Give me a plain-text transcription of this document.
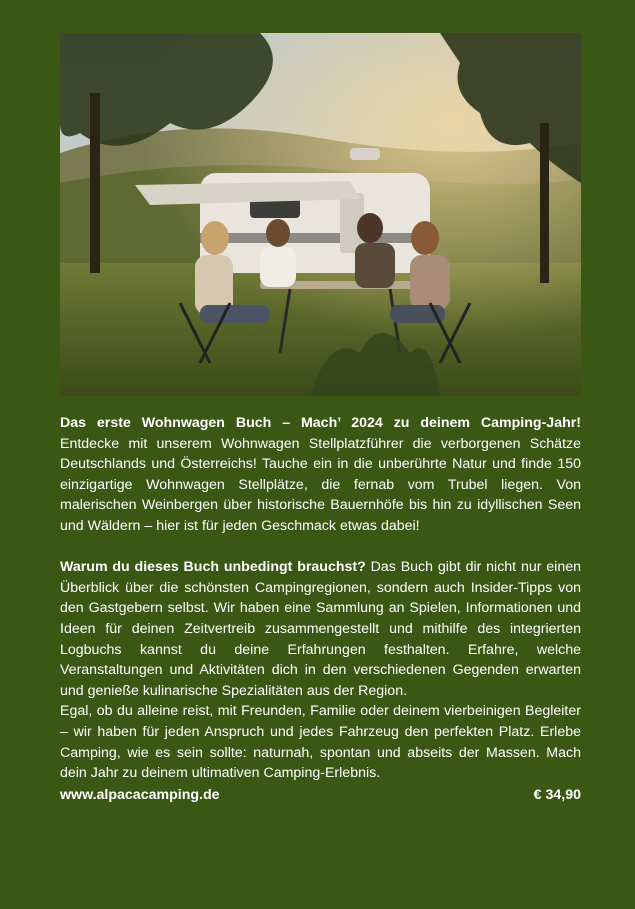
Das erste Wohnwagen Buch – Mach’ 2024 zu deinem Camping-Jahr! Entdecke mit unserem Wohnwagen Stellplatzführer die verborgenen Schätze Deutschlands und Österreichs! Tauche ein in die unberührte Natur und finde 150 einzigartige Wohnwagen Stellplätze, die fernab vom Trubel liegen. Von malerischen Weinbergen über historische Bauernhöfe bis hin zu idyllischen Seen und Wäldern – hier ist für jeden Geschmack etwas dabei!

Warum du dieses Buch unbedingt brauchst? Das Buch gibt dir nicht nur einen Überblick über die schönsten Campingregionen, sondern auch Insider-Tipps von den Gastgebern selbst. Wir haben eine Sammlung an Spielen, Informationen und Ideen für deinen Zeitvertreib zusammengestellt und mithilfe des integrierten Logbuchs kannst du deine Erfahrungen festhalten. Erfahre, welche Veranstaltungen und Aktivitäten dich in den verschiedenen Gegenden erwarten und genieße kulinarische Spezialitäten aus der Region.

Egal, ob du alleine reist, mit Freunden, Familie oder deinem vierbeinigen Begleiter – wir haben für jeden Anspruch und jedes Fahrzeug den perfekten Platz. Erlebe Camping, wie es sein sollte: naturnah, spontan und abseits der Massen. Mach dein Jahr zu deinem ultimativen Camping-Erlebnis.

www.alpacacamping.de	€ 34,90
